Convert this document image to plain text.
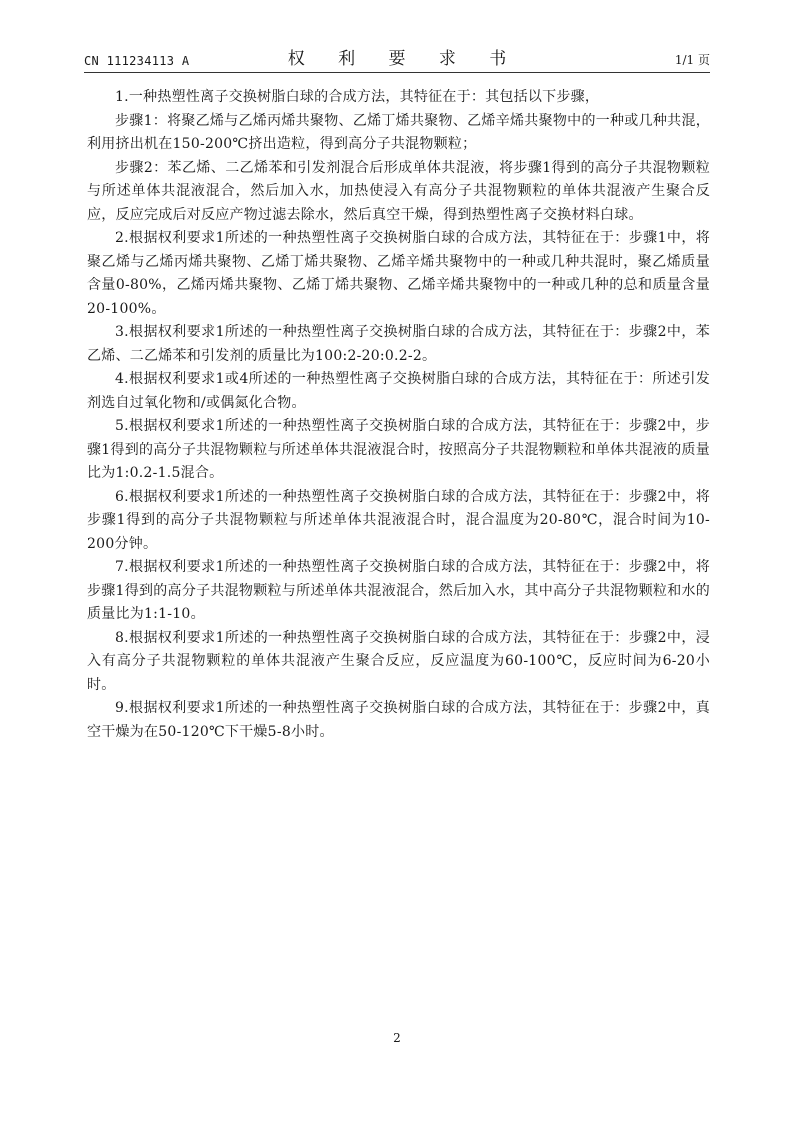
CN 111234113 A	权 利 要 求 书	1/1 页

1.一种热塑性离子交换树脂白球的合成方法，其特征在于：其包括以下步骤，

步骤1：将聚乙烯与乙烯丙烯共聚物、乙烯丁烯共聚物、乙烯辛烯共聚物中的一种或几种共混，利用挤出机在150-200℃挤出造粒，得到高分子共混物颗粒；

步骤2：苯乙烯、二乙烯苯和引发剂混合后形成单体共混液，将步骤1得到的高分子共混物颗粒与所述单体共混液混合，然后加入水，加热使浸入有高分子共混物颗粒的单体共混液产生聚合反应，反应完成后对反应产物过滤去除水，然后真空干燥，得到热塑性离子交换材料白球。

2.根据权利要求1所述的一种热塑性离子交换树脂白球的合成方法，其特征在于：步骤1中，将聚乙烯与乙烯丙烯共聚物、乙烯丁烯共聚物、乙烯辛烯共聚物中的一种或几种共混时，聚乙烯质量含量0-80%，乙烯丙烯共聚物、乙烯丁烯共聚物、乙烯辛烯共聚物中的一种或几种的总和质量含量20-100%。

3.根据权利要求1所述的一种热塑性离子交换树脂白球的合成方法，其特征在于：步骤2中，苯乙烯、二乙烯苯和引发剂的质量比为100:2-20:0.2-2。

4.根据权利要求1或4所述的一种热塑性离子交换树脂白球的合成方法，其特征在于：所述引发剂选自过氧化物和/或偶氮化合物。

5.根据权利要求1所述的一种热塑性离子交换树脂白球的合成方法，其特征在于：步骤2中，步骤1得到的高分子共混物颗粒与所述单体共混液混合时，按照高分子共混物颗粒和单体共混液的质量比为1:0.2-1.5混合。

6.根据权利要求1所述的一种热塑性离子交换树脂白球的合成方法，其特征在于：步骤2中，将步骤1得到的高分子共混物颗粒与所述单体共混液混合时，混合温度为20-80℃，混合时间为10-200分钟。

7.根据权利要求1所述的一种热塑性离子交换树脂白球的合成方法，其特征在于：步骤2中，将步骤1得到的高分子共混物颗粒与所述单体共混液混合，然后加入水，其中高分子共混物颗粒和水的质量比为1:1-10。

8.根据权利要求1所述的一种热塑性离子交换树脂白球的合成方法，其特征在于：步骤2中，浸入有高分子共混物颗粒的单体共混液产生聚合反应，反应温度为60-100℃，反应时间为6-20小时。

9.根据权利要求1所述的一种热塑性离子交换树脂白球的合成方法，其特征在于：步骤2中，真空干燥为在50-120℃下干燥5-8小时。

2
